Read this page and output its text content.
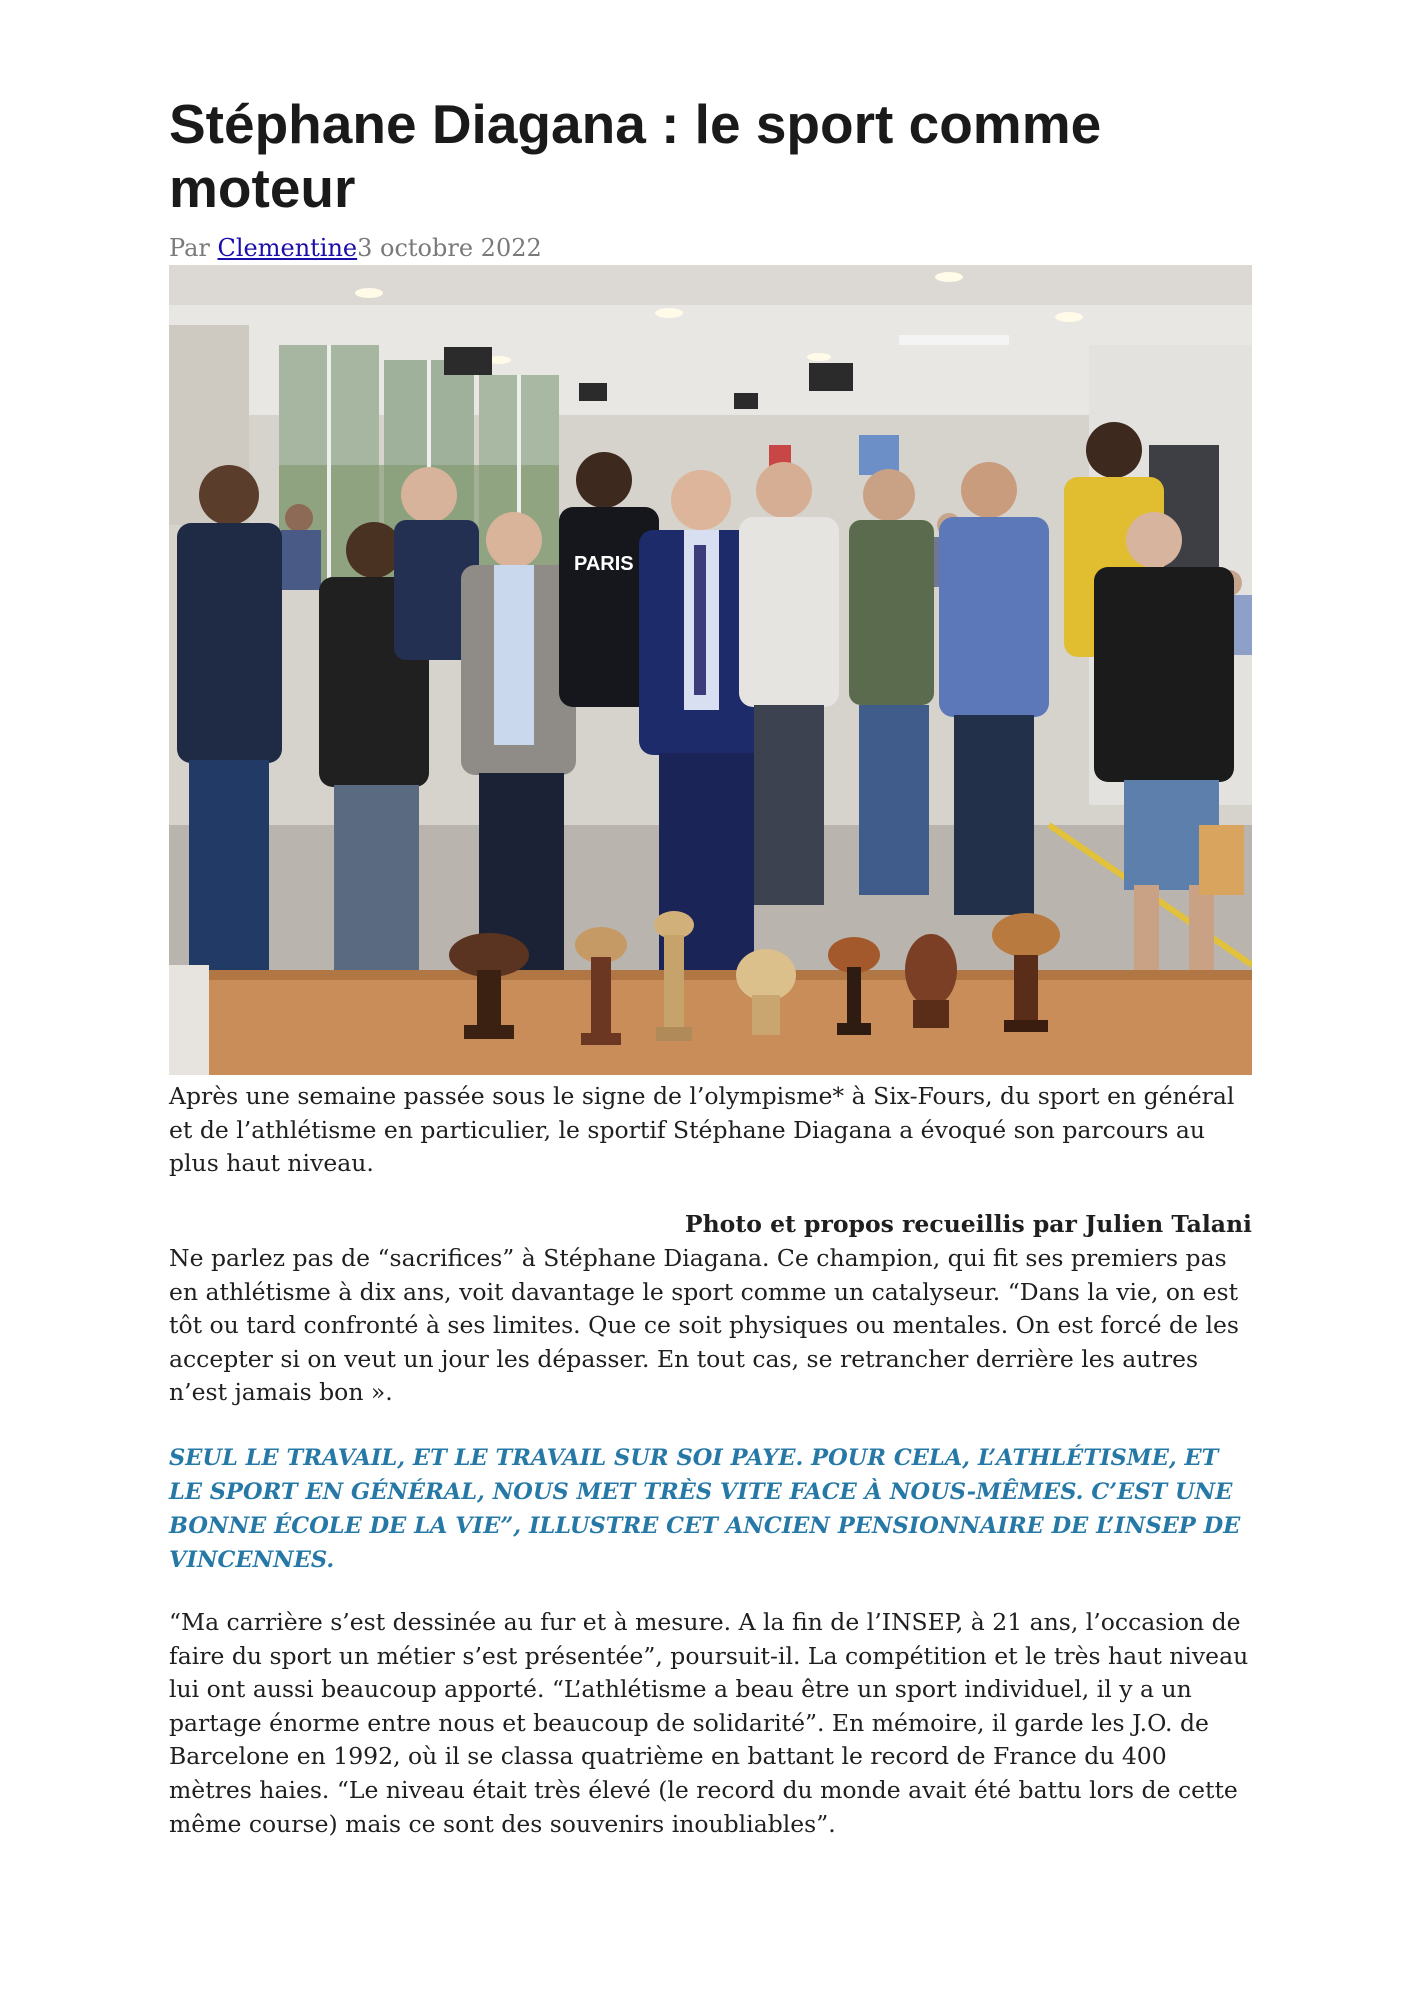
Stéphane Diagana : le sport comme moteur
Par Clementine3 octobre 2022
PARIS

Après une semaine passée sous le signe de l’olympisme* à Six-Fours, du sport en général et de l’athlétisme en particulier, le sportif Stéphane Diagana a évoqué son parcours au plus haut niveau.

Photo et propos recueillis par Julien Talani

Ne parlez pas de “sacrifices” à Stéphane Diagana. Ce champion, qui fit ses premiers pas en athlétisme à dix ans, voit davantage le sport comme un catalyseur. “Dans la vie, on est tôt ou tard confronté à ses limites. Que ce soit physiques ou mentales. On est forcé de les accepter si on veut un jour les dépasser. En tout cas, se retrancher derrière les autres n’est jamais bon ».

SEUL LE TRAVAIL, ET LE TRAVAIL SUR SOI PAYE. POUR CELA, L’ATHLÉTISME, ET LE SPORT EN GÉNÉRAL, NOUS MET TRÈS VITE FACE À NOUS-MÊMES. C’EST UNE BONNE ÉCOLE DE LA VIE”, ILLUSTRE CET ANCIEN PENSIONNAIRE DE L’INSEP DE VINCENNES.

“Ma carrière s’est dessinée au fur et à mesure. A la fin de l’INSEP, à 21 ans, l’occasion de faire du sport un métier s’est présentée”, poursuit-il. La compétition et le très haut niveau lui ont aussi beaucoup apporté. “L’athlétisme a beau être un sport individuel, il y a un partage énorme entre nous et beaucoup de solidarité”. En mémoire, il garde les J.O. de Barcelone en 1992, où il se classa quatrième en battant le record de France du 400 mètres haies. “Le niveau était très élevé (le record du monde avait été battu lors de cette même course) mais ce sont des souvenirs inoubliables”.
